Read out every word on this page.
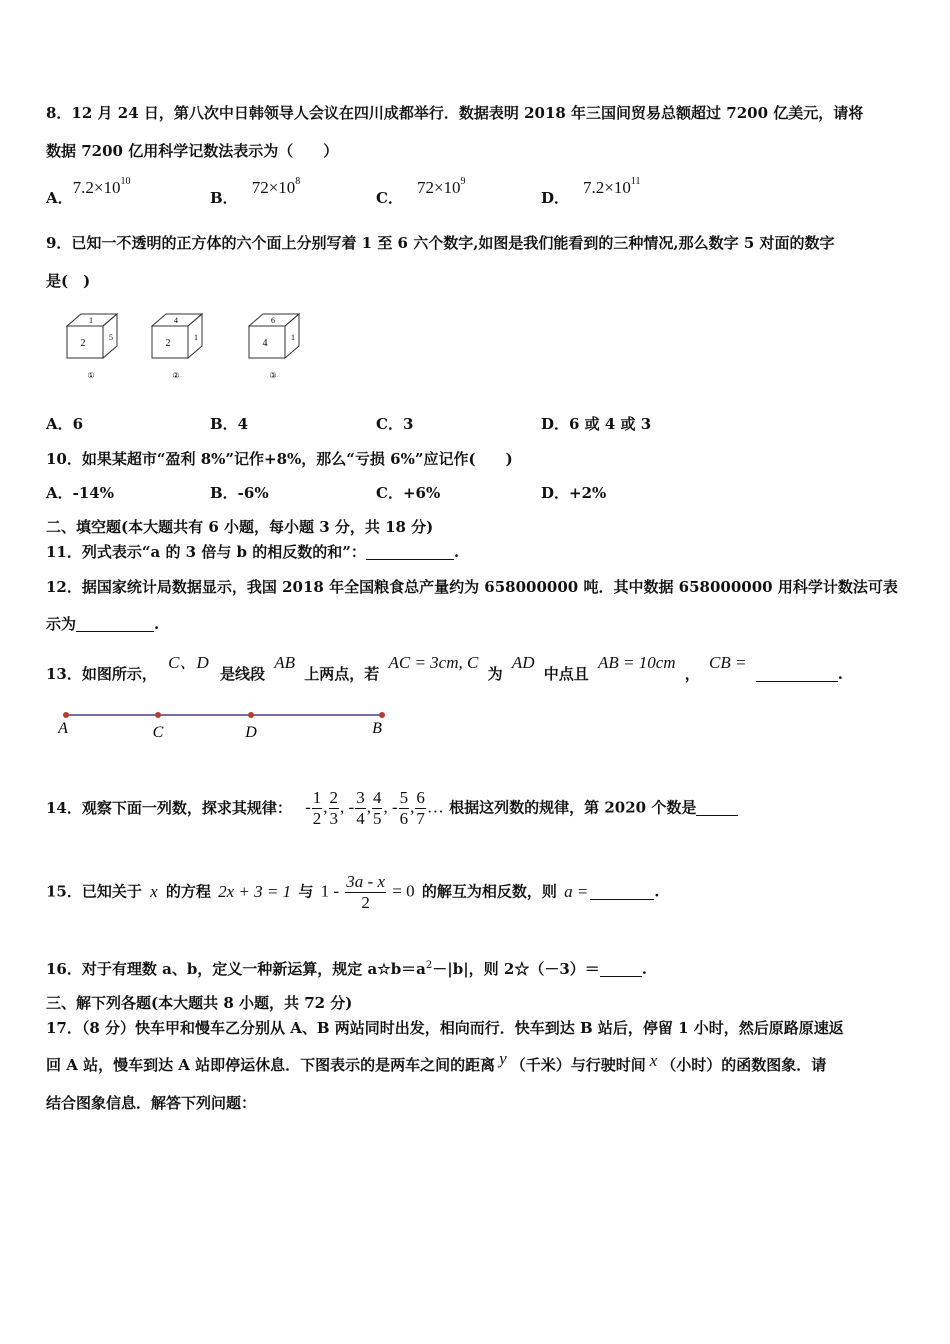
8．12 月 24 日，第八次中日韩领导人会议在四川成都举行．数据表明 2018 年三国间贸易总额超过 7200 亿美元，请将
数据 7200 亿用科学记数法表示为（　　）
A．$7.2\times 10^{10}$
B．$72\times 10^8$
C．$72\times 10^9$
D．$7.2\times 10^{11}$
9．已知一不透明的正方体的六个面上分别写着 1 至 6 六个数字,如图是我们能看到的三种情况,那么数字 5 对面的数字
是(　)
1
2
5
①
4
2
1
②
6
4
1
③
A．6	B．4	C．3	D．6 或 4 或 3
10．如果某超市“盈利 8%”记作+8%，那么“亏损 6%”应记作(　　)
A．-14%	B．-6%	C．+6%	D．+2%
二、填空题(本大题共有 6 小题，每小题 3 分，共 18 分)
11．列式表示“a 的 3 倍与 b 的相反数的和”：	.
12．据国家统计局数据显示，我国 2018 年全国粮食总产量约为 658000000 吨．其中数据 658000000 用科学计数法可表
示为	.
13．如图所示， C、D 是线段 AB 上两点，若 AC = 3cm, C 为 AD 中点且 AB = 10cm ， CB = .
A	C	D	B
14．观察下面一列数，探求其规律： - $\frac{1}{2}$ , $\frac{2}{3}$ , - $\frac{3}{4}$ , $\frac{4}{5}$ , - $\frac{5}{6}$ , $\frac{6}{7}$ … 根据这列数的规律，第 2020 个数是
15．已知关于 x 的方程 2x + 3 = 1 与 $1 - \frac{3a - x}{2} = 0$ 的解互为相反数，则 a =	.
16．对于有理数 a、b，定义一种新运算，规定 $a☆b=a^2-|b|$，则 2☆（－3）＝	.
三、解下列各题(本大题共 8 小题，共 72 分)
17．（8 分）快车甲和慢车乙分别从 A、B 两站同时出发，相向而行．快车到达 B 站后，停留 1 小时，然后原路原速返
回 A 站，慢车到达 A 站即停运休息．下图表示的是两车之间的距离 y （千米）与行驶时间 x （小时）的函数图象．请
结合图象信息．解答下列问题：
